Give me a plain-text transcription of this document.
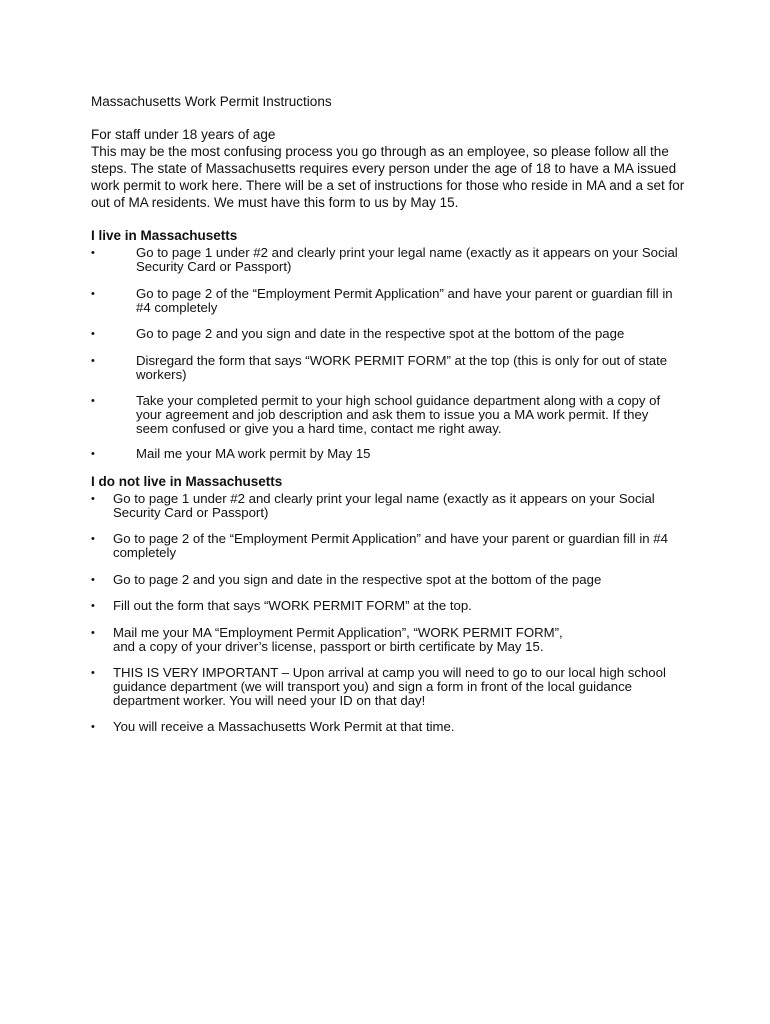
Massachusetts Work Permit Instructions

For staff under 18 years of age

This may be the most confusing process you go through as an employee, so please follow all the steps. The state of Massachusetts requires every person under the age of 18 to have a MA issued work permit to work here. There will be a set of instructions for those who reside in MA and a set for out of MA residents. We must have this form to us by May 15.

I live in Massachusetts
•	Go to page 1 under #2 and clearly print your legal name (exactly as it appears on your Social Security Card or Passport)
•	Go to page 2 of the “Employment Permit Application” and have your parent or guardian fill in #4 completely
•	Go to page 2 and you sign and date in the respective spot at the bottom of the page
•	Disregard the form that says “WORK PERMIT FORM” at the top (this is only for out of state workers)
•	Take your completed permit to your high school guidance department along with a copy of your agreement and job description and ask them to issue you a MA work permit. If they seem confused or give you a hard time, contact me right away.
•	Mail me your MA work permit by May 15
I do not live in Massachusetts
• Go to page 1 under #2 and clearly print your legal name (exactly as it appears on your Social Security Card or Passport)
• Go to page 2 of the “Employment Permit Application” and have your parent or guardian fill in #4 completely
• Go to page 2 and you sign and date in the respective spot at the bottom of the page
• Fill out the form that says “WORK PERMIT FORM” at the top.
• Mail me your MA “Employment Permit Application”, “WORK PERMIT FORM”, and a copy of your driver’s license, passport or birth certificate by May 15.
• THIS IS VERY IMPORTANT – Upon arrival at camp you will need to go to our local high school guidance department (we will transport you) and sign a form in front of the local guidance department worker. You will need your ID on that day!
• You will receive a Massachusetts Work Permit at that time.
